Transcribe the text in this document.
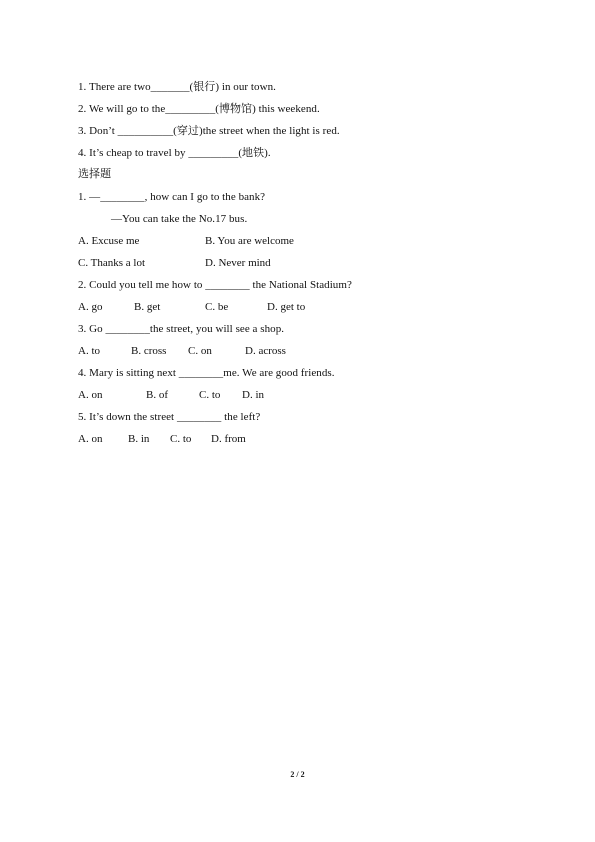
1. There are two_______(银行) in our town.
2. We will go to the_________(博物馆) this weekend.
3. Don’t __________(穿过)the street when the light is red.
4. It’s cheap to travel by _________(地铁).
选择题
1. ―________, how can I go to the bank?
―You can take the No.17 bus.
A. Excuse me	B. You are welcome
C. Thanks a lot	D. Never mind
2. Could you tell me how to ________ the National Stadium?
A. go	B. get	C. be	D. get to
3. Go ________the street, you will see a shop.
A. to	B. cross C. on	D. across
4. Mary is sitting next ________me. We are good friends.
A. on	B. of	C. to D. in
5. It’s down the street ________ the left?
A. on B. in C. to D. from
2 / 2
